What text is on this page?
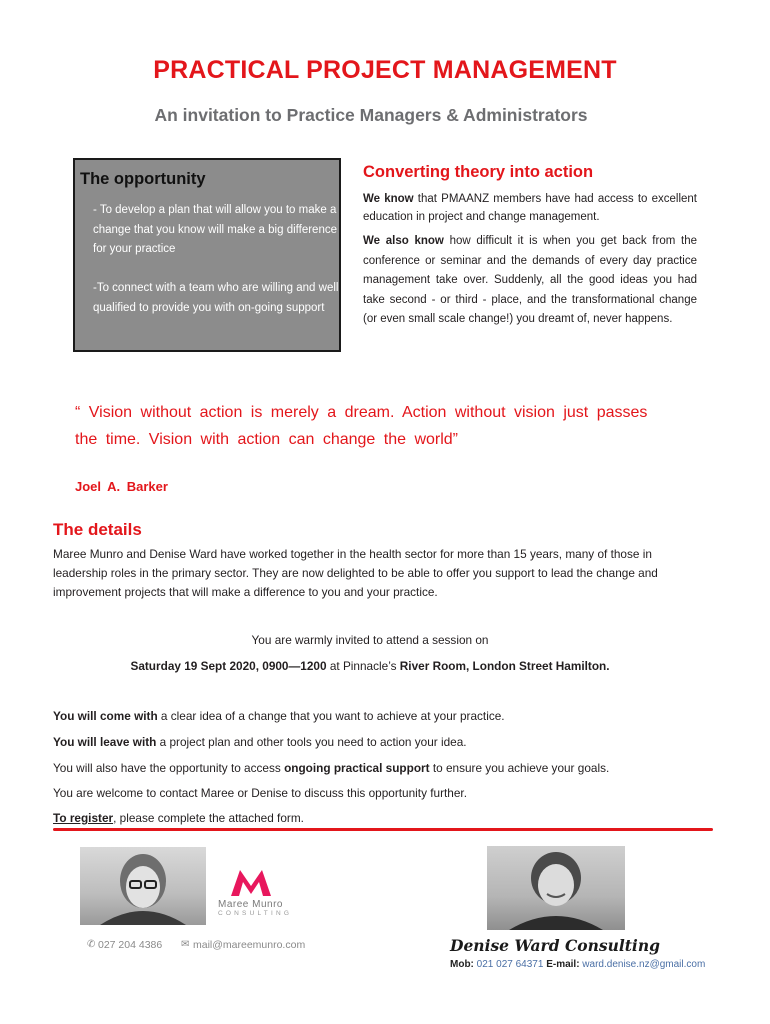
PRACTICAL PROJECT MANAGEMENT
An invitation to Practice Managers & Administrators
The opportunity
- To develop a plan that will allow you to make a change that you know will make a big difference for your practice
-To connect with a team who are willing and well qualified to provide you with on-going support
Converting theory into action
We know that PMAANZ members have had access to excellent education in project and change management.
We also know how difficult it is when you get back from the conference or seminar and the demands of every day practice management take over. Suddenly, all the good ideas you had take second - or third - place, and the transformational change (or even small scale change!) you dreamt of, never happens.
“ Vision without action is merely a dream. Action without vision just passes the time. Vision with action can change the world”
Joel A. Barker
The details
Maree Munro and Denise Ward have worked together in the health sector for more than 15 years, many of those in leadership roles in the primary sector. They are now delighted to be able to offer you support to lead the change and improvement projects that will make a difference to you and your practice.
You are warmly invited to attend a session on
Saturday 19 Sept 2020, 0900—1200 at Pinnacle’s River Room, London Street Hamilton.
You will come with a clear idea of a change that you want to achieve at your practice.
You will leave with a project plan and other tools you need to action your idea.
You will also have the opportunity to access ongoing practical support to ensure you achieve your goals.
You are welcome to contact Maree or Denise to discuss this opportunity further.
To register, please complete the attached form.
Maree Munro
CONSULTING
✆ 027 204 4386 ✉ mail@mareemunro.com	Denise Ward Consulting
Mob: 021 027 64371 E-mail: ward.denise.nz@gmail.com
